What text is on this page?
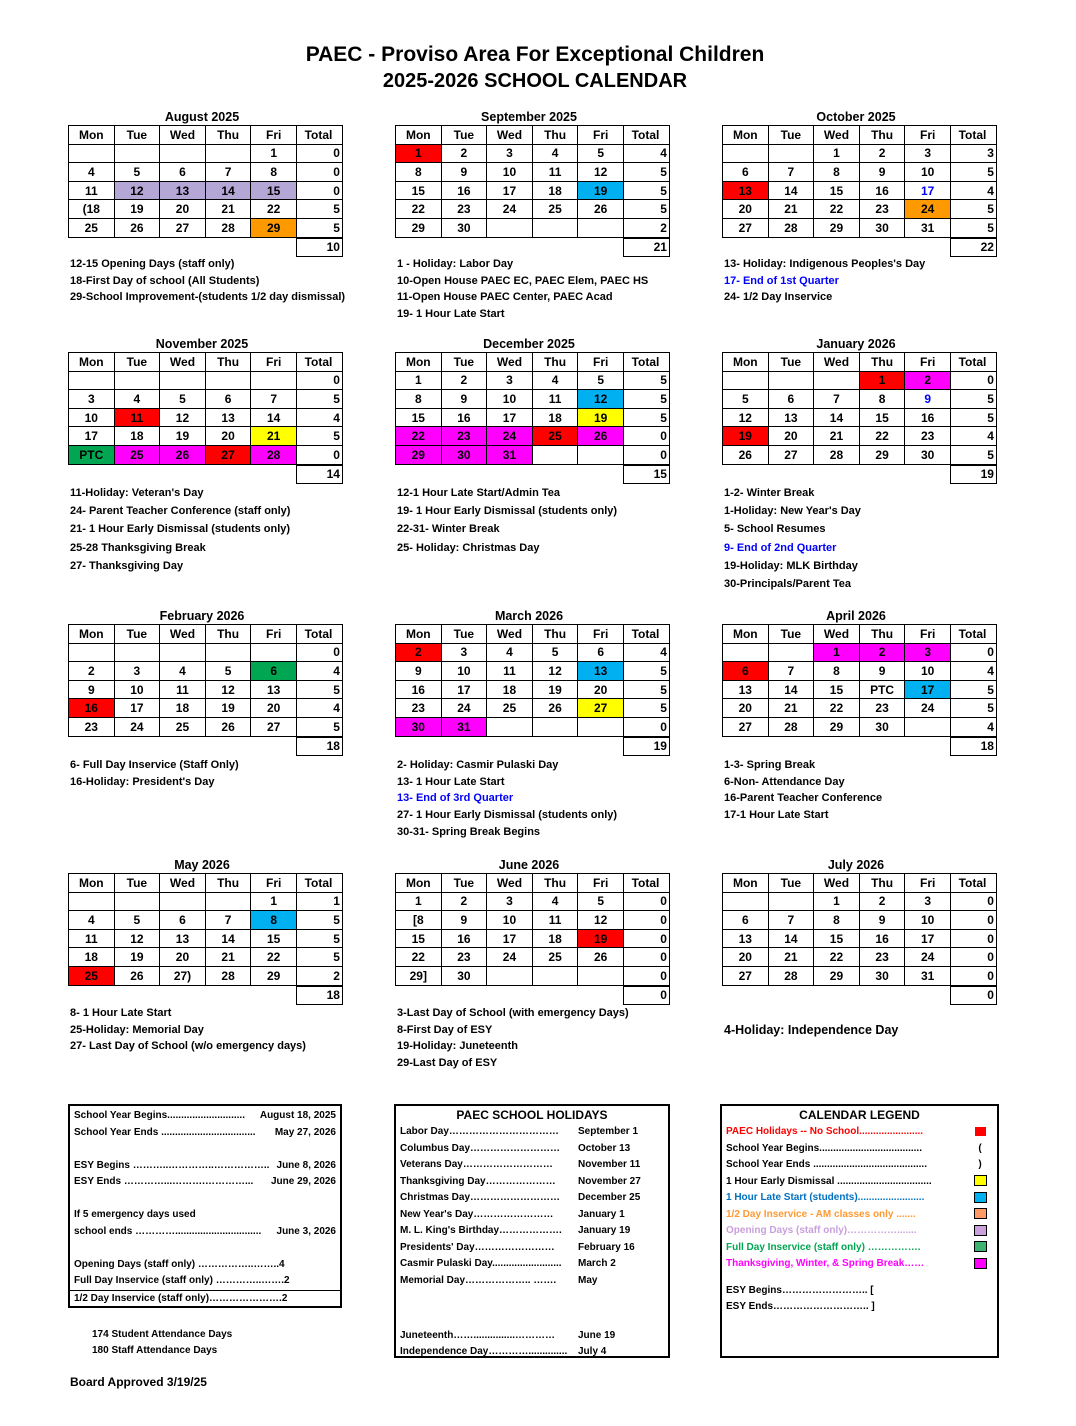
PAEC - Proviso Area For Exceptional Children
2025-2026 SCHOOL CALENDAR
August 2025
Mon	Tue	Wed	Thu	Fri	Total
				1	0
4	5	6	7	8	0
11	12	13	14	15	0
(18	19	20	21	22	5
25	26	27	28	29	5
					10
12-15 Opening Days (staff only)
18-First Day of school (All Students)
29-School Improvement-(students 1/2 day dismissal)
September 2025
Mon	Tue	Wed	Thu	Fri	Total
1	2	3	4	5	4
8	9	10	11	12	5
15	16	17	18	19	5
22	23	24	25	26	5
29	30				2
					21
1 - Holiday: Labor Day
10-Open House PAEC EC, PAEC Elem, PAEC HS
11-Open House PAEC Center, PAEC Acad
19- 1 Hour Late Start
October 2025
Mon	Tue	Wed	Thu	Fri	Total
		1	2	3	3
6	7	8	9	10	5
13	14	15	16	17	4
20	21	22	23	24	5
27	28	29	30	31	5
					22
13- Holiday: Indigenous Peoples's Day
17- End of 1st Quarter
24- 1/2 Day Inservice
November 2025
Mon	Tue	Wed	Thu	Fri	Total
					0
3	4	5	6	7	5
10	11	12	13	14	4
17	18	19	20	21	5
PTC	25	26	27	28	0
					14
11-Holiday: Veteran's Day
24- Parent Teacher Conference (staff only)
21- 1 Hour Early Dismissal (students only)
25-28 Thanksgiving Break
27- Thanksgiving Day
December 2025
Mon	Tue	Wed	Thu	Fri	Total
1	2	3	4	5	5
8	9	10	11	12	5
15	16	17	18	19	5
22	23	24	25	26	0
29	30	31			0
					15
12-1 Hour Late Start/Admin Tea
19- 1 Hour Early Dismissal (students only)
22-31- Winter Break
25- Holiday: Christmas Day
January 2026
Mon	Tue	Wed	Thu	Fri	Total
			1	2	0
5	6	7	8	9	5
12	13	14	15	16	5
19	20	21	22	23	4
26	27	28	29	30	5
					19
1-2- Winter Break
1-Holiday: New Year's Day
5- School Resumes
9- End of 2nd Quarter
19-Holiday: MLK Birthday
30-Principals/Parent Tea
February 2026
Mon	Tue	Wed	Thu	Fri	Total
					0
2	3	4	5	6	4
9	10	11	12	13	5
16	17	18	19	20	4
23	24	25	26	27	5
					18
6- Full Day Inservice (Staff Only)
16-Holiday: President's Day
March 2026
Mon	Tue	Wed	Thu	Fri	Total
2	3	4	5	6	4
9	10	11	12	13	5
16	17	18	19	20	5
23	24	25	26	27	5
30	31				0
					19
2- Holiday: Casmir Pulaski Day
13- 1 Hour Late Start
13- End of 3rd Quarter
27- 1 Hour Early Dismissal (students only)
30-31- Spring Break Begins
April 2026
Mon	Tue	Wed	Thu	Fri	Total
		1	2	3	0
6	7	8	9	10	4
13	14	15	PTC	17	5
20	21	22	23	24	5
27	28	29	30		4
					18
1-3- Spring Break
6-Non- Attendance Day
16-Parent Teacher Conference
17-1 Hour Late Start
May 2026
Mon	Tue	Wed	Thu	Fri	Total
				1	1
4	5	6	7	8	5
11	12	13	14	15	5
18	19	20	21	22	5
25	26	27)	28	29	2
					18
8- 1 Hour Late Start
25-Holiday: Memorial Day
27- Last Day of School (w/o emergency days)
June 2026
Mon	Tue	Wed	Thu	Fri	Total
1	2	3	4	5	0
[8	9	10	11	12	0
15	16	17	18	19	0
22	23	24	25	26	0
29]	30				0
					0
3-Last Day of School (with emergency Days)
8-First Day of ESY
19-Holiday: Juneteenth
29-Last Day of ESY
July 2026
Mon	Tue	Wed	Thu	Fri	Total
		1	2	3	0
6	7	8	9	10	0
13	14	15	16	17	0
20	21	22	23	24	0
27	28	29	30	31	0
					0
4-Holiday: Independence Day
School Year Begins............................ August 18, 2025
School Year Ends .................................. May 27, 2026
ESY Begins ………..…………..…………….. June 8, 2026
ESY Ends …………...……….…………... June 29, 2026
If 5 emergency days used
school ends …………............................... June 3, 2026
Opening Days (staff only) ……………..……..4
Full Day Inservice (staff only) …………..…….2
1/2 Day Inservice (staff only)………………….2
174 Student Attendance Days
180 Staff Attendance Days
Board Approved 3/19/25
PAEC SCHOOL HOLIDAYS
Labor Day…………………………… September 1
Columbus Day……………………… October 13
Veterans Day………………………	November 11
Thanksgiving Day………………… November 27
Christmas Day……………………… December 25
New Year's Day…………………… January 1
M. L. King's Birthday………………. January 19
Presidents' Day…………………… February 16
Casmir Pulaski Day......................... March 2
Memorial Day……………….. ……. May
Juneteenth……...............………… June 19
Independence Day………….............. July 4
CALENDAR LEGEND
PAEC Holidays -- No School.......................
School Year Begins.....................................	(
School Year Ends .........................................	)
1 Hour Early Dismissal ..................................
1 Hour Late Start (students)........................
1/2 Day Inservice - AM classes only .......
Opening Days (staff only)…………….......
Full Day Inservice (staff only) …………….
Thanksgiving, Winter, & Spring Break……
ESY Begins…………………….. [
ESY Ends……………………….. ]
